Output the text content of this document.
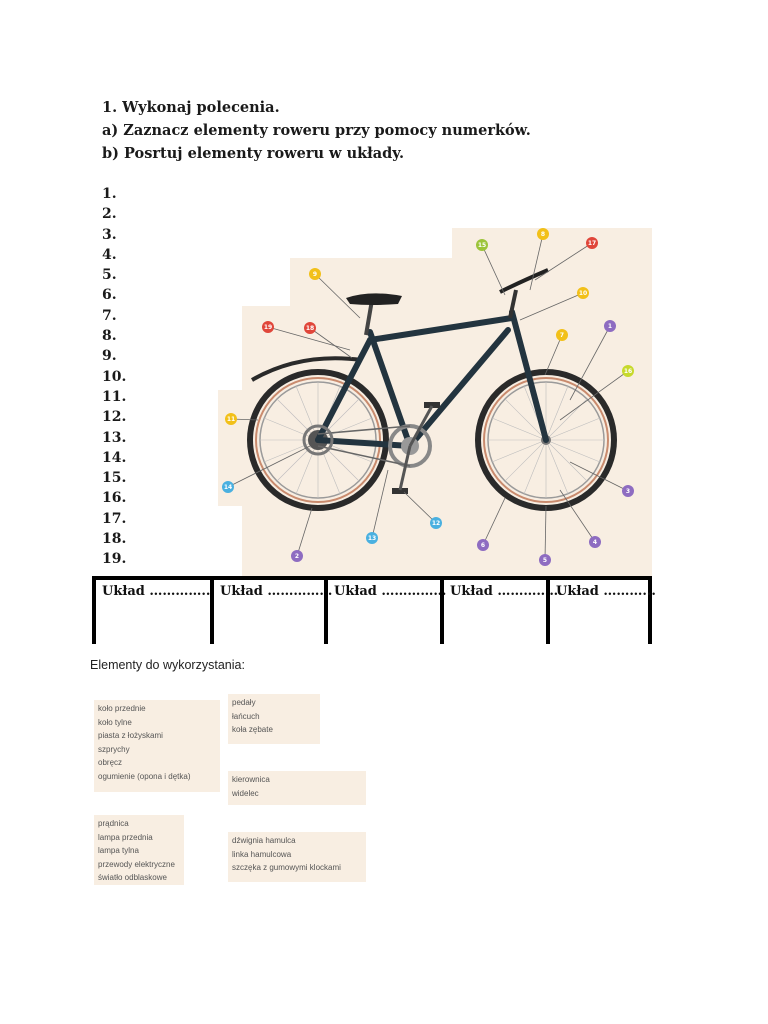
1. Wykonaj polecenia.
a) Zaznacz elementy roweru przy pomocy numerków.
b) Posrtuj elementy roweru w układy.
1.
2.
3.
4.
5.
6.
7.
8.
9.
10.
11.
12.
13.
14.
15.
16.
17.
18.
19.
1
2
3
4
5
6
7
8
9
10
11
12
13
14
15
16
17
18
19
Układ ………….. Układ …………… Układ …………… Układ ……………
Układ ………...
Elementy do wykorzystania:
koło przednie
koło tylne
piasta z łożyskami
szprychy
obręcz
ogumienie (opona i dętka)
pedały
łańcuch
koła zębate
kierownica
widelec
prądnica
lampa przednia
lampa tylna
przewody elektryczne
światło odblaskowe
dźwignia hamulca
linka hamulcowa
szczęka z gumowymi klockami
